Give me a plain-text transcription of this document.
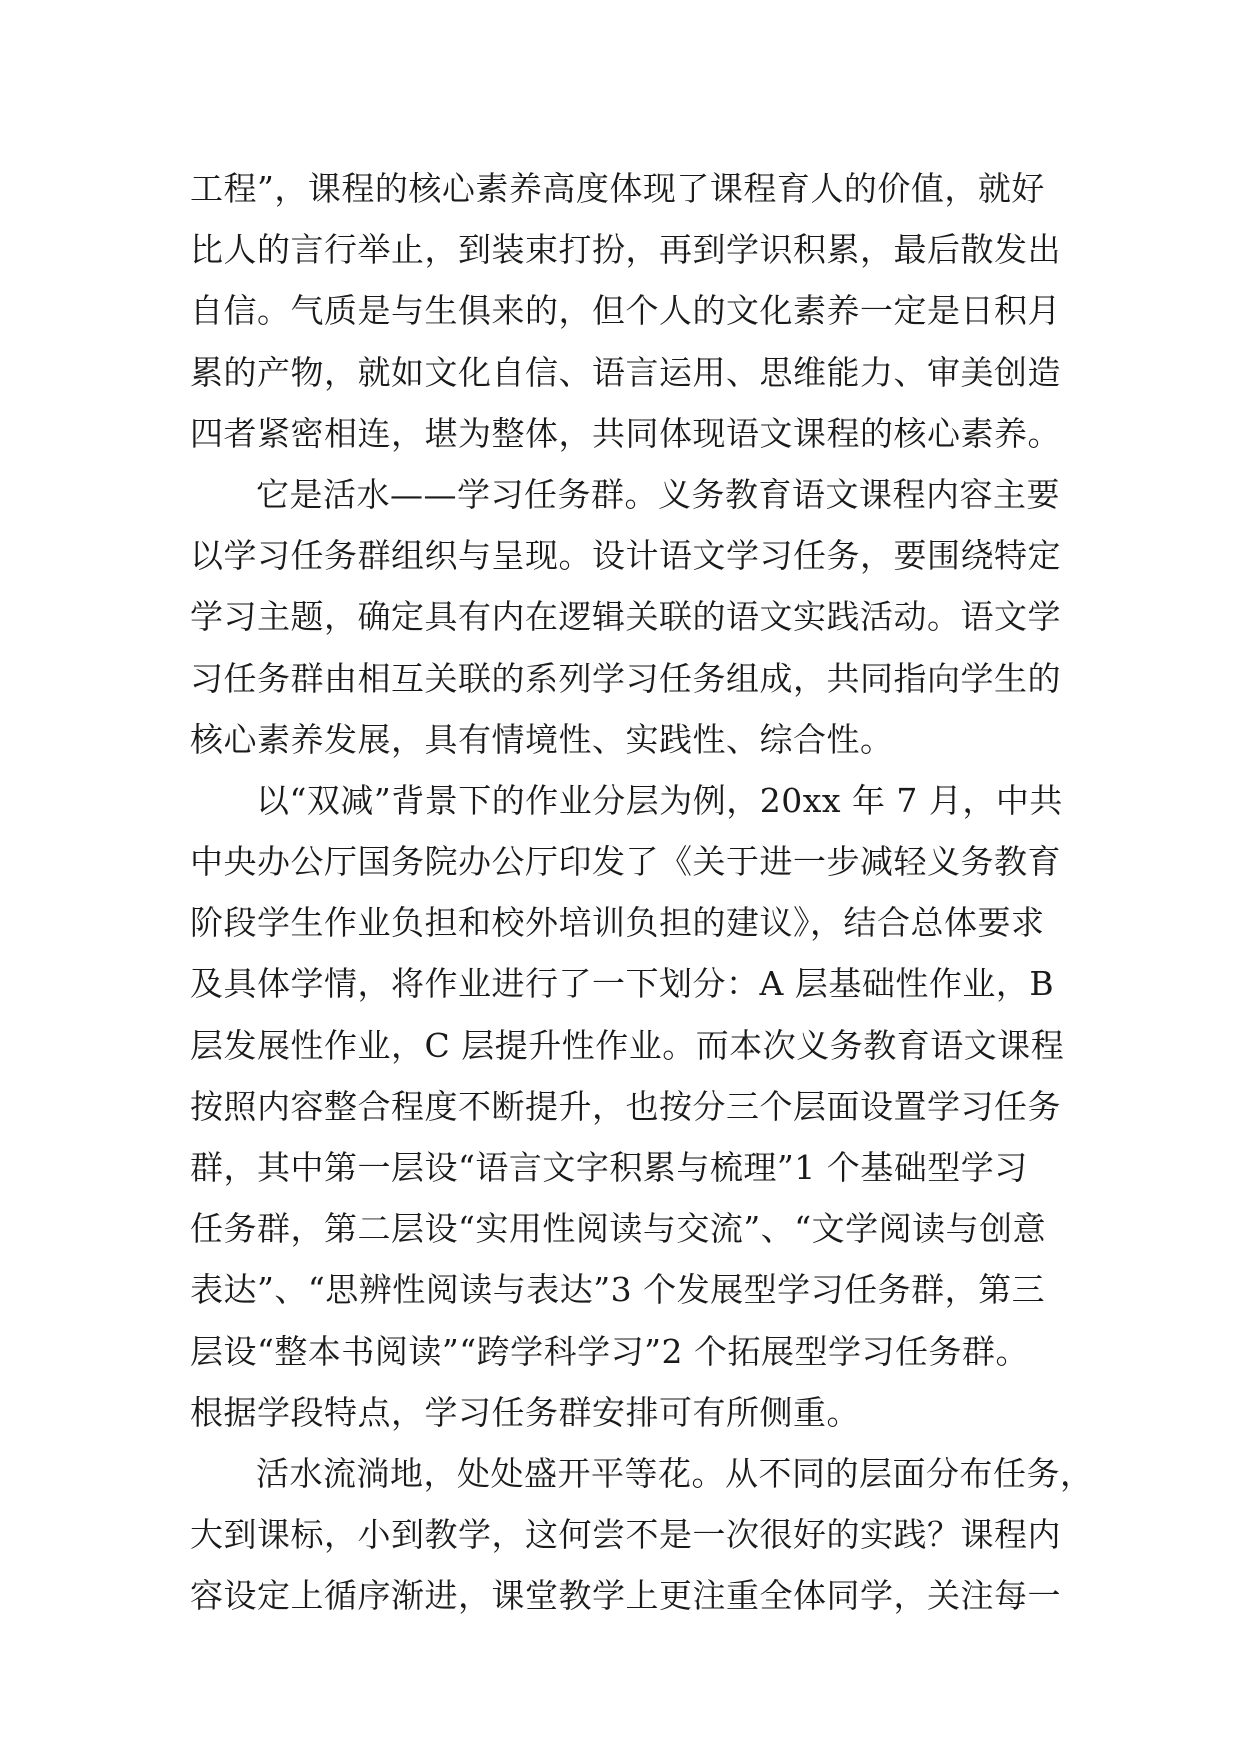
工程”，课程的核心素养高度体现了课程育人的价值，就好
比人的言行举止，到装束打扮，再到学识积累，最后散发出
自信。气质是与生俱来的，但个人的文化素养一定是日积月
累的产物，就如文化自信、语言运用、思维能力、审美创造
四者紧密相连，堪为整体，共同体现语文课程的核心素养。
它是活水——学习任务群。义务教育语文课程内容主要
以学习任务群组织与呈现。设计语文学习任务，要围绕特定
学习主题，确定具有内在逻辑关联的语文实践活动。语文学
习任务群由相互关联的系列学习任务组成，共同指向学生的
核心素养发展，具有情境性、实践性、综合性。
以“双减”背景下的作业分层为例，20xx 年 7 月，中共
中央办公厅国务院办公厅印发了《关于进一步减轻义务教育
阶段学生作业负担和校外培训负担的建议》，结合总体要求
及具体学情，将作业进行了一下划分：A 层基础性作业，B
层发展性作业，C 层提升性作业。而本次义务教育语文课程
按照内容整合程度不断提升，也按分三个层面设置学习任务
群，其中第一层设“语言文字积累与梳理”1 个基础型学习
任务群，第二层设“实用性阅读与交流”、“文学阅读与创意
表达”、“思辨性阅读与表达”3 个发展型学习任务群，第三
层设“整本书阅读”“跨学科学习”2 个拓展型学习任务群。
根据学段特点，学习任务群安排可有所侧重。
活水流淌地，处处盛开平等花。从不同的层面分布任务，
大到课标，小到教学，这何尝不是一次很好的实践？课程内
容设定上循序渐进，课堂教学上更注重全体同学，关注每一
